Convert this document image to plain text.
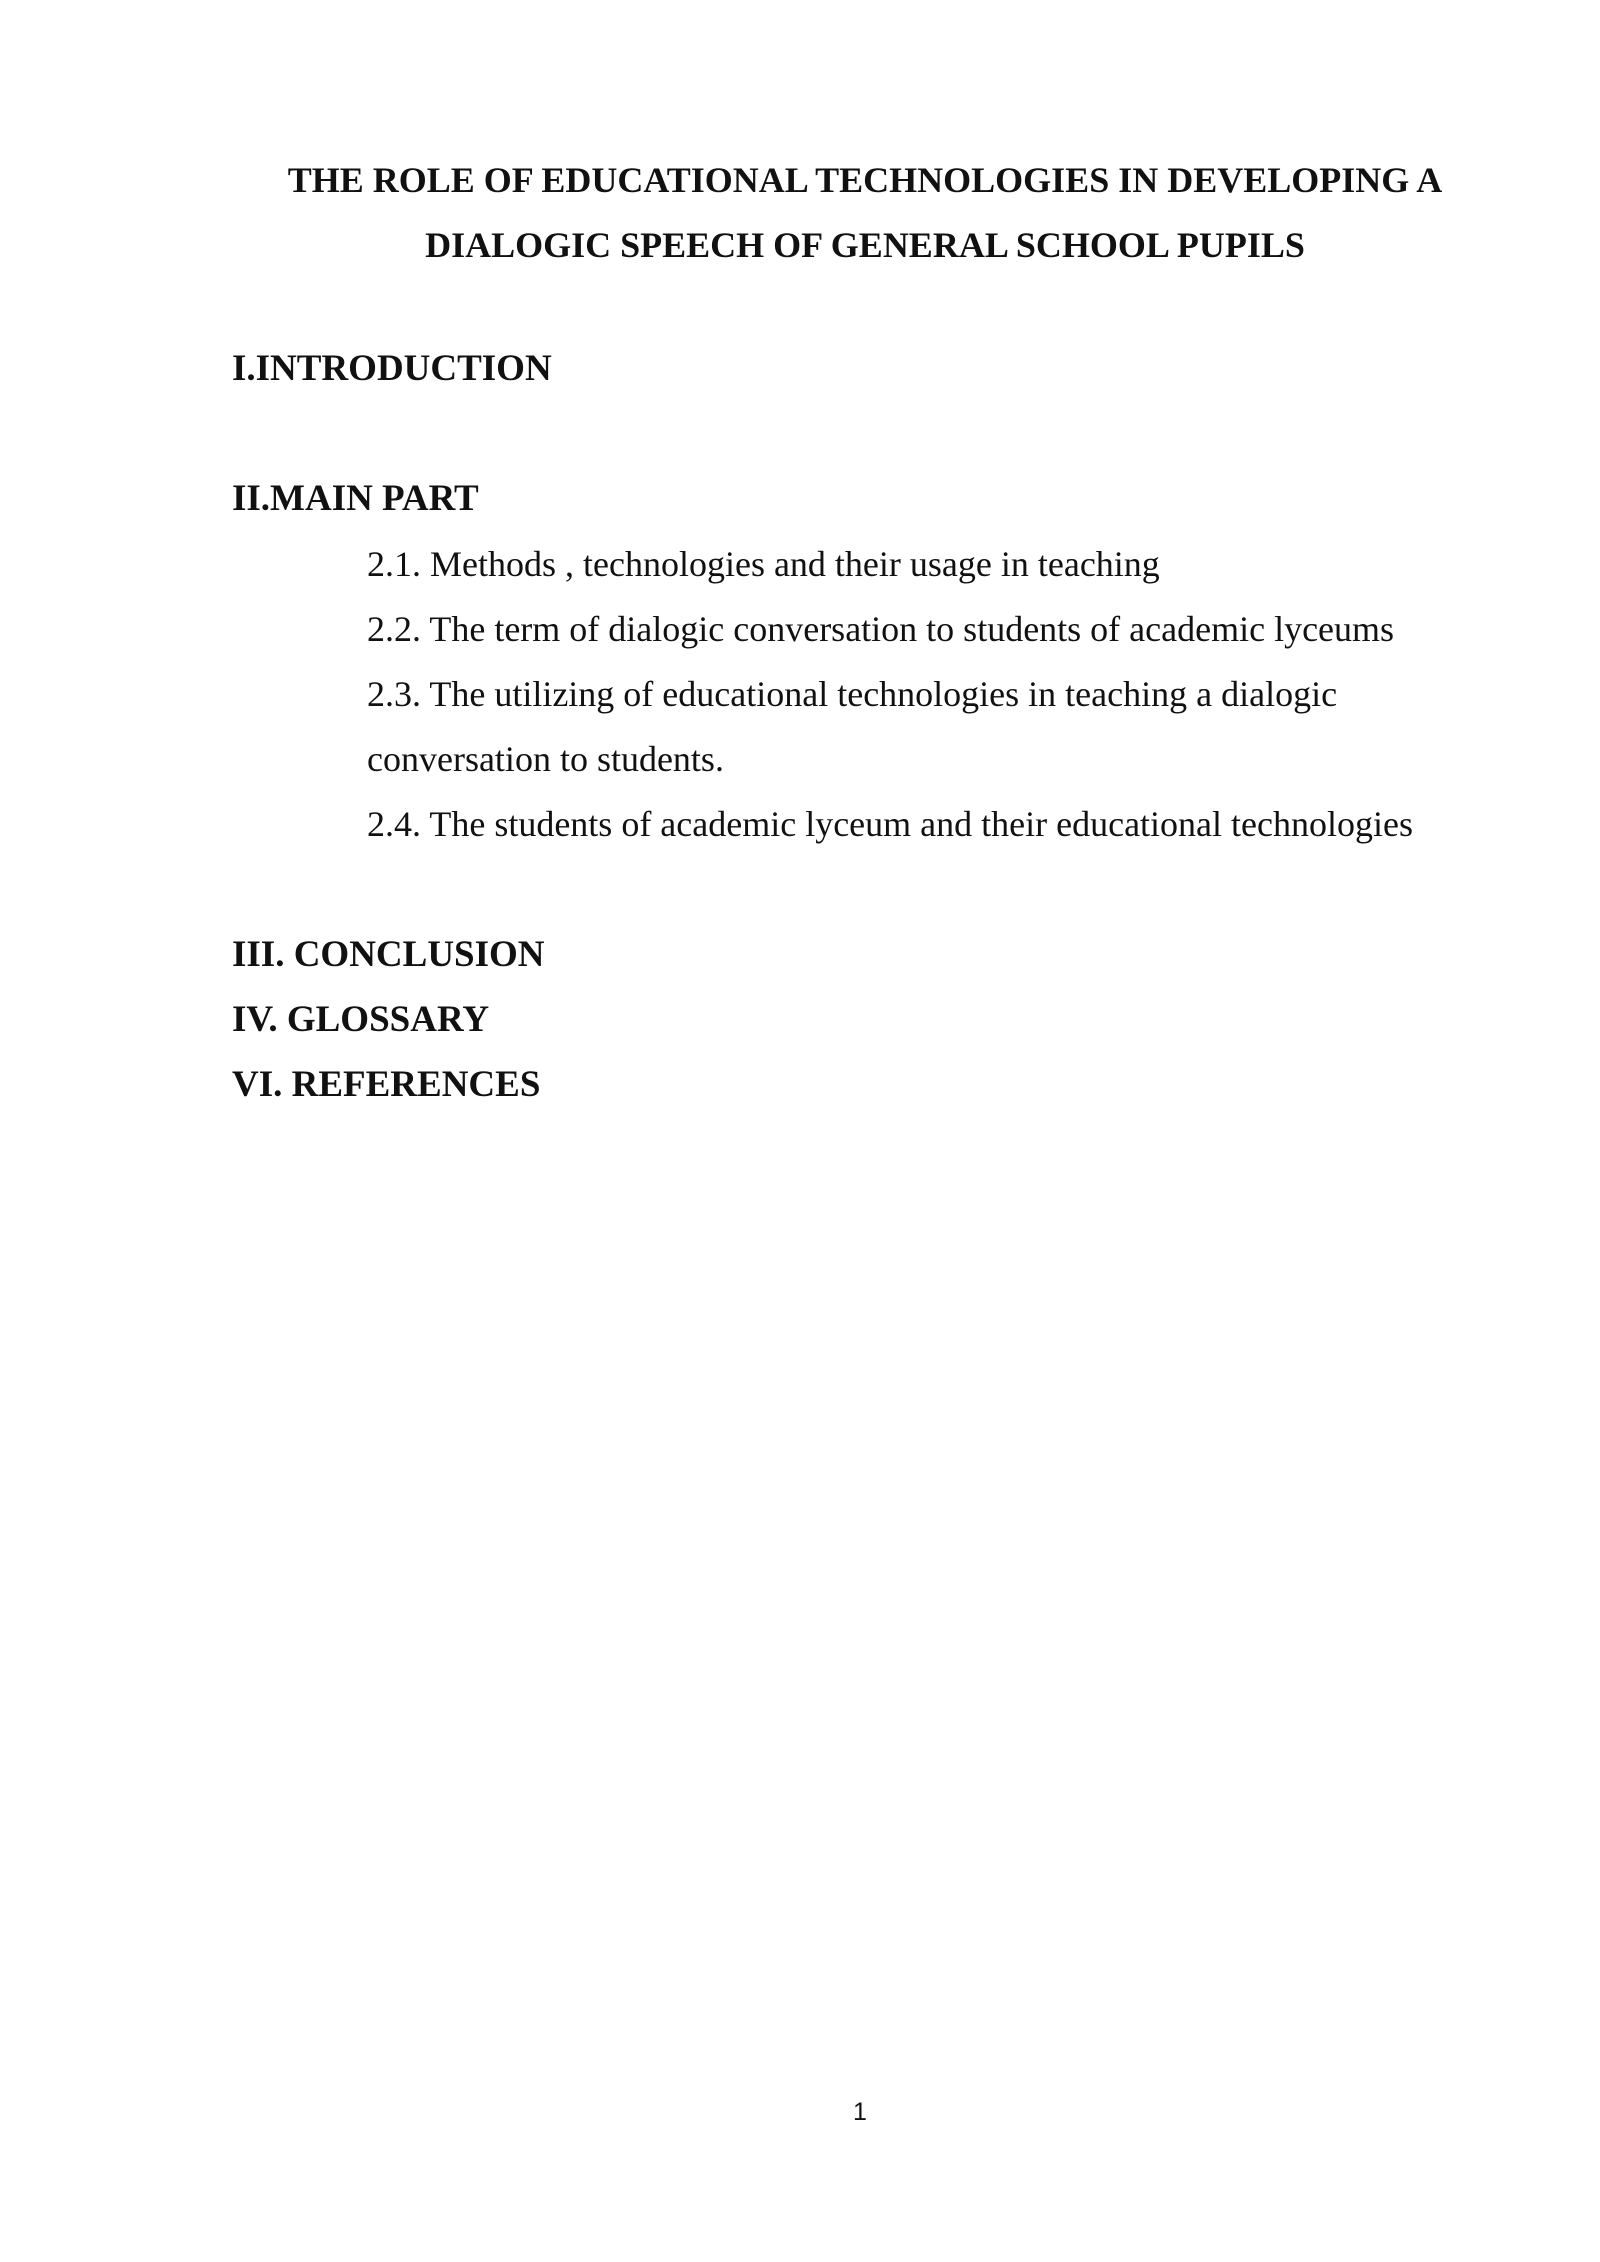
THE ROLE OF EDUCATIONAL TECHNOLOGIES IN DEVELOPING A
DIALOGIC SPEECH OF GENERAL SCHOOL PUPILS

I.INTRODUCTION

II.MAIN PART

2.1. Methods , technologies and their usage in teaching

2.2. The term of dialogic conversation to students of academic lyceums

2.3. The utilizing of educational technologies in teaching a dialogic

conversation to students.

2.4. The students of academic lyceum and their educational technologies

III. CONCLUSION

IV. GLOSSARY

VI. REFERENCES

1
